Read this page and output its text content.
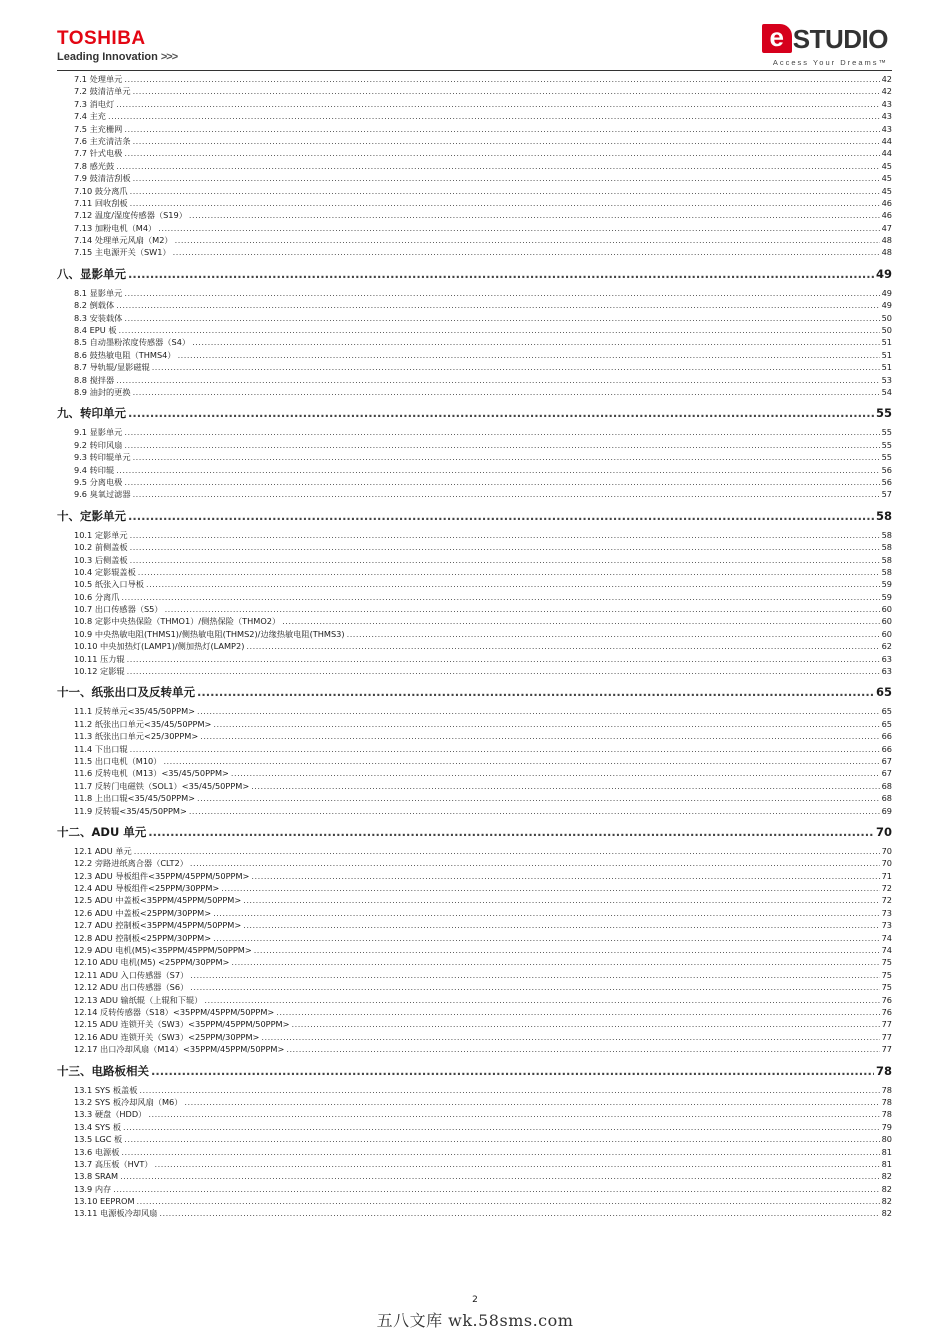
TOSHIBA
Leading Innovation >>>
e STUDIO
Access Your Dreams™
7.1 处理单元 .....	42
7.2 鼓清洁单元 .....	42
7.3 消电灯 .....	43
7.4 主充 .....	43
7.5 主充栅网 .....	43
7.6 主充清洁条 .....	44
7.7 针式电极 .....	44
7.8 感光鼓 .....	45
7.9 鼓清洁刮板 .....	45
7.10 鼓分离爪 .....	45
7.11 回收刮板 .....	46
7.12 温度/湿度传感器（S19） .....	46
7.13 加粉电机（M4） .....	47
7.14 处理单元风扇（M2） .....	48
7.15 主电源开关（SW1） .....	48
八、显影单元 .....	49
8.1 显影单元 .....	49
8.2 倒载体 .....	49
8.3 安装载体 .....	50
8.4 EPU 板 .....	50
8.5 自动墨粉浓度传感器（S4） .....	51
8.6 鼓热敏电阻（THMS4） .....	51
8.7 导轨辊/显影磁辊 .....	51
8.8 搅拌器 .....	53
8.9 油封的更换 .....	54
九、转印单元 .....	55
9.1 显影单元 .....	55
9.2 转印风扇 .....	55
9.3 转印辊单元 .....	55
9.4 转印辊 .....	56
9.5 分离电极 .....	56
9.6 臭氧过滤器 .....	57
十、定影单元 .....	58
10.1 定影单元 .....	58
10.2 前侧盖板 .....	58
10.3 后侧盖板 .....	58
10.4 定影辊盖板 .....	58
10.5 纸张入口导板 .....	59
10.6 分离爪 .....	59
10.7 出口传感器（S5） .....	60
10.8 定影中央热保险（THMO1）/侧热保险（THMO2） .....	60
10.9 中央热敏电阻(THMS1)/侧热敏电阻(THMS2)/边缘热敏电阻(THMS3) .....	60
10.10 中央加热灯(LAMP1)/侧加热灯(LAMP2) .....	62
10.11 压力辊 .....	63
10.12 定影辊 .....	63
十一、纸张出口及反转单元 .....	65
11.1 反转单元<35/45/50PPM> .....	65
11.2 纸张出口单元<35/45/50PPM> .....	65
11.3 纸张出口单元<25/30PPM> .....	66
11.4 下出口辊 .....	66
11.5 出口电机（M10） .....	67
11.6 反转电机（M13）<35/45/50PPM> .....	67
11.7 反转门电磁铁（SOL1）<35/45/50PPM> .....	68
11.8 上出口辊<35/45/50PPM> .....	68
11.9 反转辊<35/45/50PPM> .....	69
十二、ADU 单元 .....	70
12.1 ADU 单元 .....	70
12.2 旁路进纸离合器（CLT2） .....	70
12.3 ADU 导板组件<35PPM/45PPM/50PPM> .....	71
12.4 ADU 导板组件<25PPM/30PPM> .....	72
12.5 ADU 中盖板<35PPM/45PPM/50PPM> .....	72
12.6 ADU 中盖板<25PPM/30PPM> .....	73
12.7 ADU 控制板<35PPM/45PPM/50PPM> .....	73
12.8 ADU 控制板<25PPM/30PPM> .....	74
12.9 ADU 电机(M5)<35PPM/45PPM/50PPM> .....	74
12.10 ADU 电机(M5) <25PPM/30PPM> .....	75
12.11 ADU 入口传感器（S7） .....	75
12.12 ADU 出口传感器（S6） .....	75
12.13 ADU 输纸辊（上辊和下辊） .....	76
12.14 反转传感器（S18）<35PPM/45PPM/50PPM> .....	76
12.15 ADU 连锁开关（SW3）<35PPM/45PPM/50PPM> .....	77
12.16 ADU 连锁开关（SW3）<25PPM/30PPM> .....	77
12.17 出口冷却风扇（M14）<35PPM/45PPM/50PPM> .....	77
十三、电路板相关 .....	78
13.1 SYS 板盖板 .....	78
13.2 SYS 板冷却风扇（M6） .....	78
13.3 硬盘（HDD） .....	78
13.4 SYS 板 .....	79
13.5 LGC 板 .....	80
13.6 电源板 .....	81
13.7 高压板（HVT） .....	81
13.8 SRAM .....	82
13.9 内存 .....	82
13.10 EEPROM .....	82
13.11 电源板冷却风扇 .....	82
2
五八文库 wk.58sms.com
